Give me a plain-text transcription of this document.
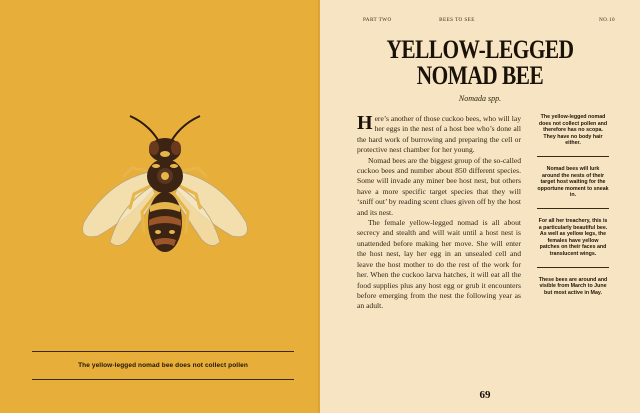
The yellow-legged nomad bee does not collect pollen
PART TWO	BEES TO SEE	NO.10
YELLOW-LEGGED
NOMAD BEE
Nomada spp.

Here’s another of those cuckoo bees, who will lay her eggs in the nest of a host bee who’s done all the hard work of burrowing and preparing the cell or protective nest chamber for her young.

Nomad bees are the biggest group of the so-called cuckoo bees and number about 850 different species. Some will invade any miner bee host nest, but others have a more specific target species that they will ‘sniff out’ by reading scent clues given off by the host and its nest.

The female yellow-legged nomad is all about secrecy and stealth and will wait until a host nest is unattended before making her move. She will enter the host nest, lay her egg in an unsealed cell and leave the host mother to do the rest of the work for her. When the cuckoo larva hatches, it will eat all the food supplies plus any host egg or grub it encounters before emerging from the nest the following year as an adult.

The yellow-legged nomad does not collect pollen and therefore has no scopa. They have no body hair either.
Nomad bees will lurk around the nests of their target host waiting for the opportune moment to sneak in.
For all her treachery, this is a particularly beautiful bee. As well as yellow legs, the females have yellow patches on their faces and translucent wings.
These bees are around and visible from March to June but most active in May.
69
